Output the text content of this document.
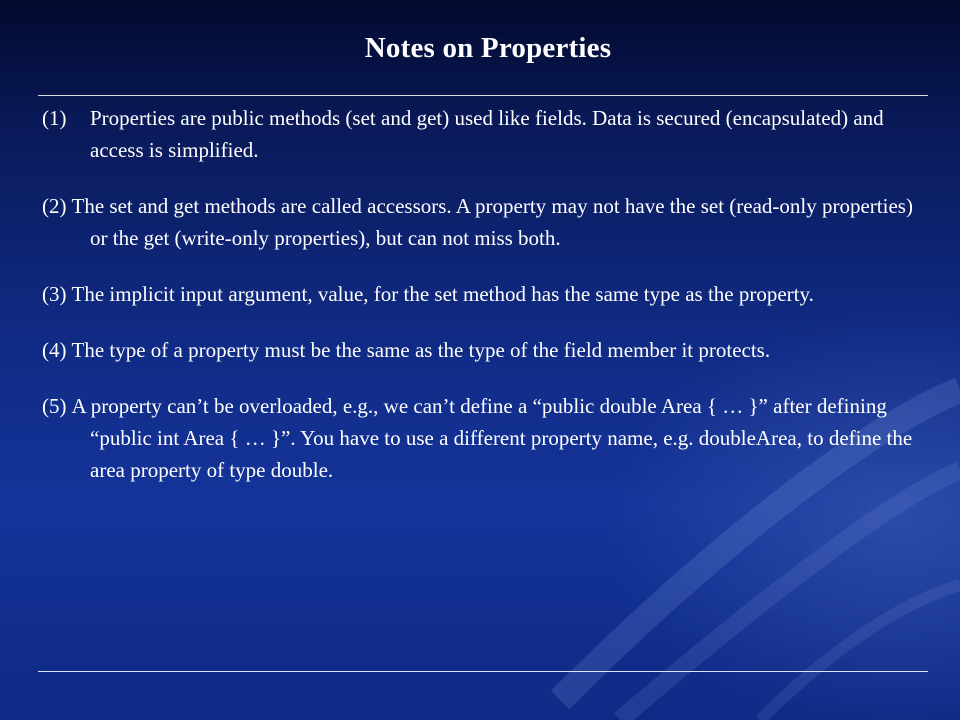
Notes on Properties
(1) Properties are public methods (set and get) used like fields. Data is secured (encapsulated) and access is simplified.
(2) The set and get methods are called accessors. A property may not have the set (read-only properties) or the get (write-only properties), but can not miss both.
(3) The implicit input argument, value, for the set method has the same type as the property.
(4) The type of a property must be the same as the type of the field member it protects.
(5) A property can’t be overloaded, e.g., we can’t define a “public double Area { … }” after defining “public int Area { … }”. You have to use a different property name, e.g. doubleArea, to define the area property of type double.
